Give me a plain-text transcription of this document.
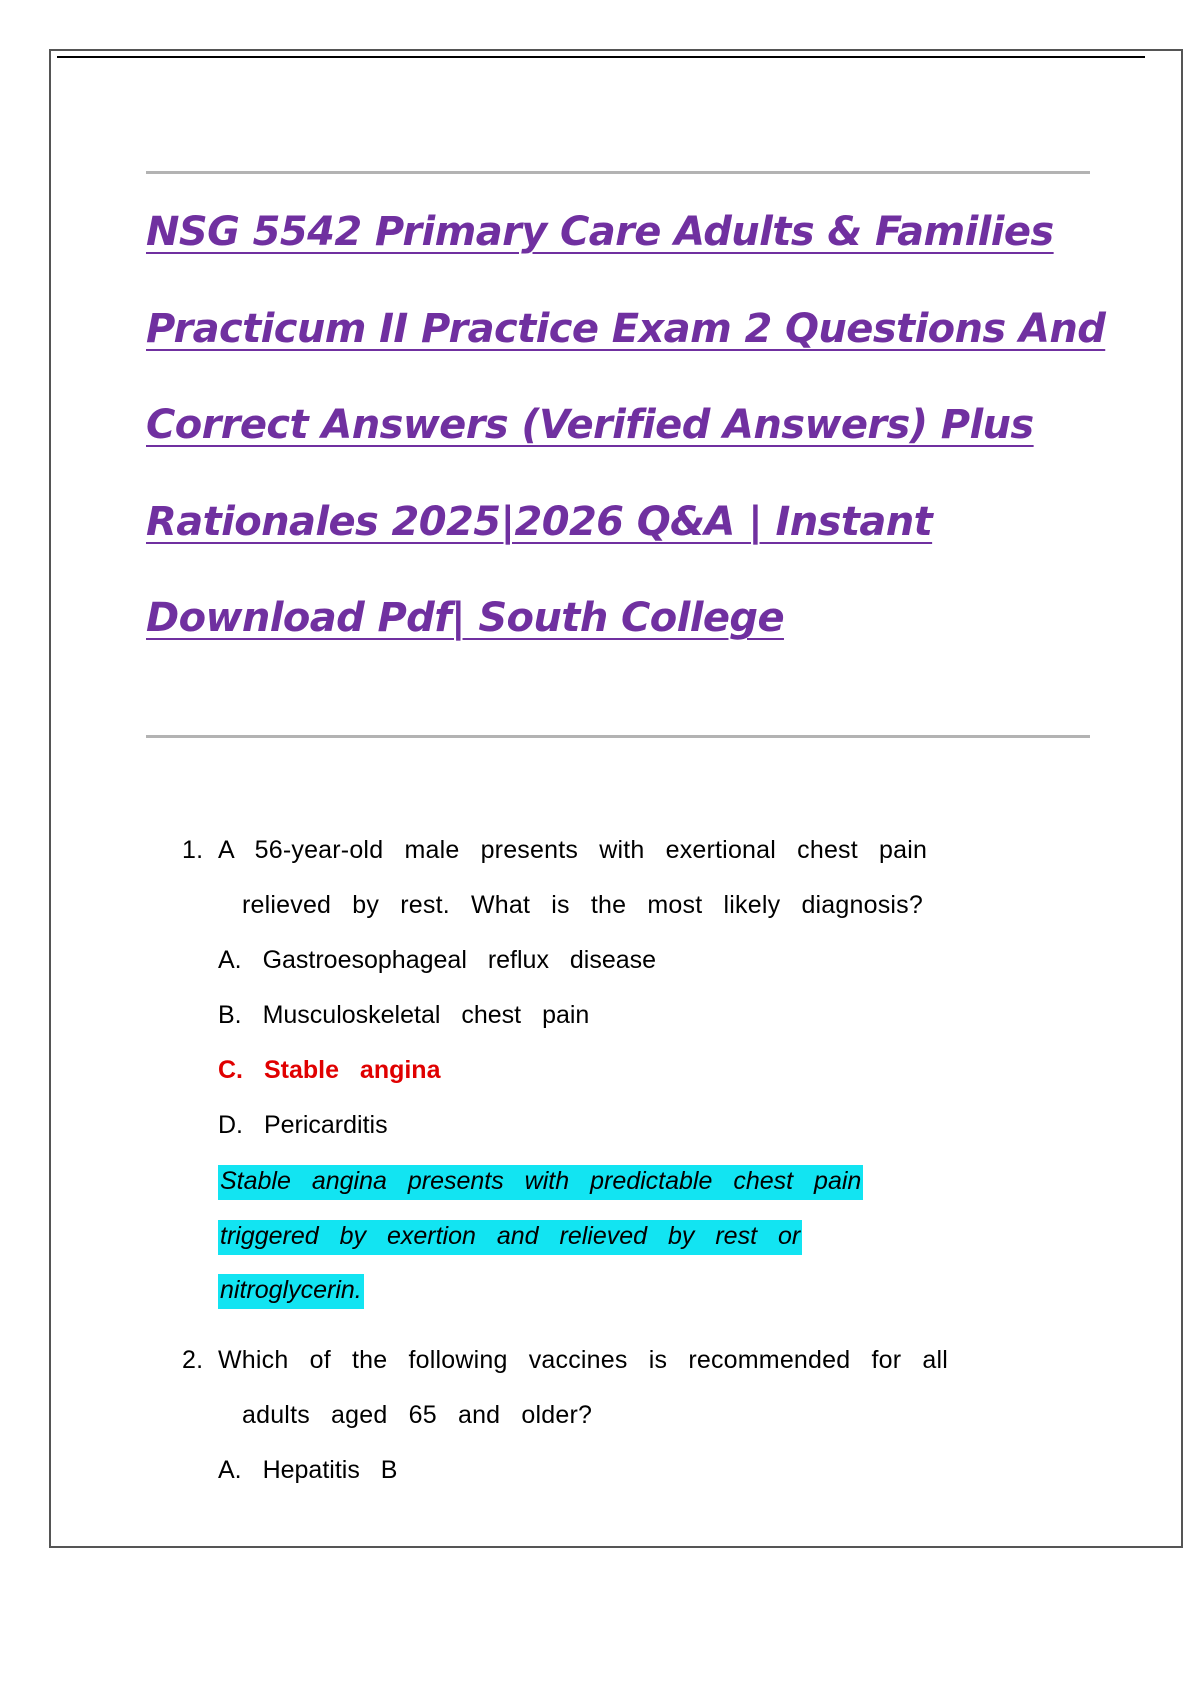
NSG 5542 Primary Care Adults & Families
Practicum II Practice Exam 2 Questions And
Correct Answers (Verified Answers) Plus
Rationales 2025|2026 Q&A | Instant
Download Pdf| South College
1. A 56-year-old male presents with exertional chest pain
relieved by rest. What is the most likely diagnosis?
A. Gastroesophageal reflux disease
B. Musculoskeletal chest pain
C. Stable angina
D. Pericarditis
Stable angina presents with predictable chest pain
triggered by exertion and relieved by rest or
nitroglycerin.
2. Which of the following vaccines is recommended for all
adults aged 65 and older?
A. Hepatitis B
